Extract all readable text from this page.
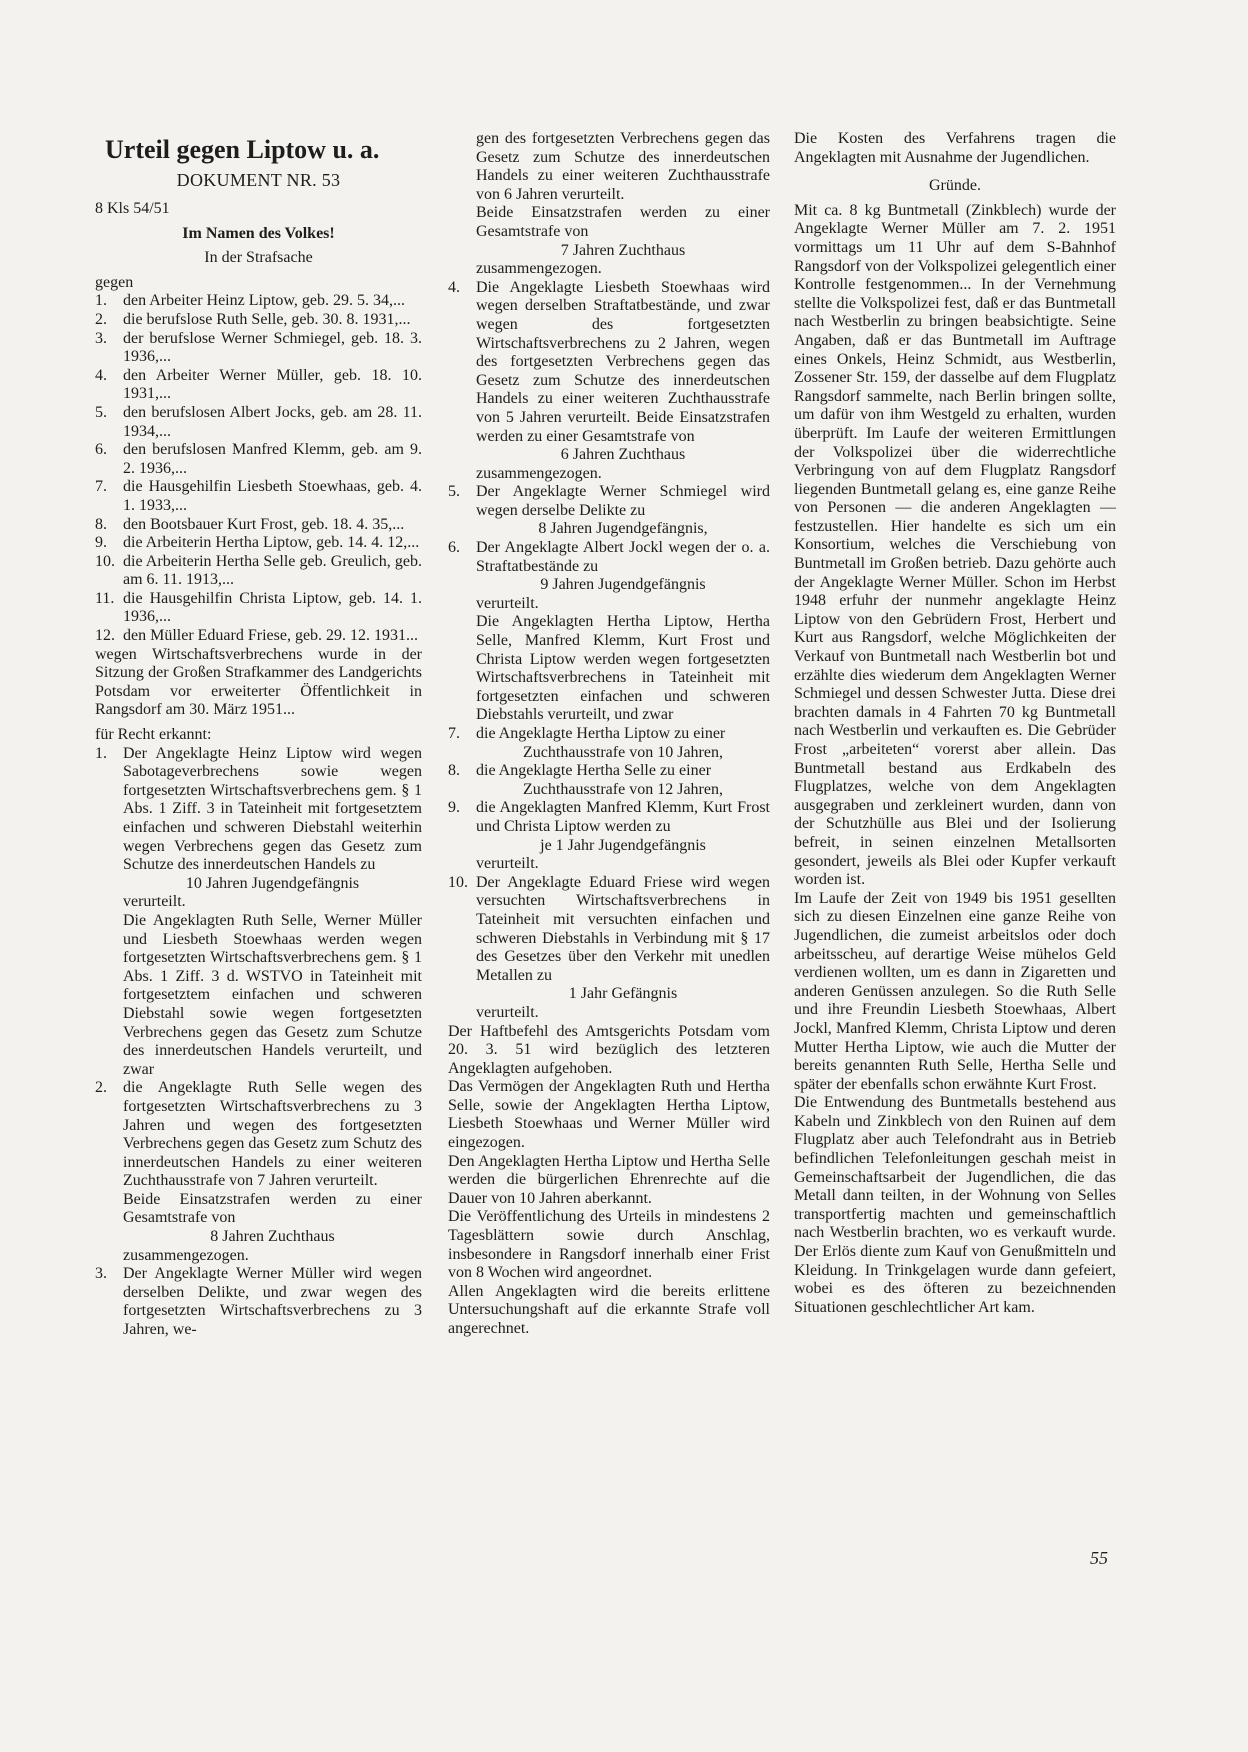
Urteil gegen Liptow u. a.
DOKUMENT NR. 53
8 Kls 54/51
Im Namen des Volkes!
In der Strafsache
gegen
1.	den Arbeiter Heinz Liptow, geb. 29. 5. 34,...
2.	die berufslose Ruth Selle, geb. 30. 8. 1931,...
3.	der berufslose Werner Schmiegel, geb. 18. 3. 1936,...
4.	den Arbeiter Werner Müller, geb. 18. 10. 1931,...
5.	den berufslosen Albert Jocks, geb. am 28. 11. 1934,...
6.	den berufslosen Manfred Klemm, geb. am 9. 2. 1936,...
7.	die Hausgehilfin Liesbeth Stoewhaas, geb. 4. 1. 1933,...
8.	den Bootsbauer Kurt Frost, geb. 18. 4. 35,...
9.	die Arbeiterin Hertha Liptow, geb. 14. 4. 12,...
10. die Arbeiterin Hertha Selle geb. Greulich, geb. am 6. 11. 1913,...
11. die Hausgehilfin Christa Liptow, geb. 14. 1. 1936,...
12. den Müller Eduard Friese, geb. 29. 12. 1931...

wegen Wirtschaftsverbrechens wurde in der Sitzung der Großen Strafkammer des Landgerichts Potsdam vor erweiterter Öffentlichkeit in Rangsdorf am 30. März 1951...

für Recht erkannt:
1.	Der Angeklagte Heinz Liptow wird wegen Sabotageverbrechens sowie wegen fortgesetzten Wirtschaftsverbrechens gem. § 1 Abs. 1 Ziff. 3 in Tateinheit mit fortgesetztem einfachen und schweren Diebstahl weiterhin wegen Verbrechens gegen das Gesetz zum Schutze des innerdeutschen Handels zu

10 Jahren Jugendgefängnis
verurteilt.

Die Angeklagten Ruth Selle, Werner Müller und Liesbeth Stoewhaas werden wegen fortgesetzten Wirtschaftsverbrechens gem. § 1 Abs. 1 Ziff. 3 d. WSTVO in Tateinheit mit fortgesetztem einfachen und schweren Diebstahl sowie wegen fortgesetzten Verbrechens gegen das Gesetz zum Schutze des innerdeutschen Handels verurteilt, und zwar

2.	die Angeklagte Ruth Selle wegen des fortgesetzten Wirtschaftsverbrechens zu 3 Jahren und wegen des fortgesetzten Verbrechens gegen das Gesetz zum Schutz des innerdeutschen Handels zu einer weiteren Zuchthausstrafe von 7 Jahren verurteilt.

Beide Einsatzstrafen werden zu einer Gesamtstrafe von

8 Jahren Zuchthaus
zusammengezogen.
3.	Der Angeklagte Werner Müller wird wegen derselben Delikte, und zwar wegen des fortgesetzten Wirtschaftsverbrechens zu 3 Jahren, we-

gen des fortgesetzten Verbrechens gegen das Gesetz zum Schutze des innerdeutschen Handels zu einer weiteren Zuchthausstrafe von 6 Jahren verurteilt.

Beide Einsatzstrafen werden zu einer Gesamtstrafe von

7 Jahren Zuchthaus
zusammengezogen.
4.	Die Angeklagte Liesbeth Stoewhaas wird wegen derselben Straftatbestände, und zwar wegen des fortgesetzten Wirtschaftsverbrechens zu 2 Jahren, wegen des fortgesetzten Verbrechens gegen das Gesetz zum Schutze des innerdeutschen Handels zu einer weiteren Zuchthausstrafe von 5 Jahren verurteilt. Beide Einsatzstrafen werden zu einer Gesamtstrafe von

6 Jahren Zuchthaus
zusammengezogen.
5.	Der Angeklagte Werner Schmiegel wird wegen derselbe Delikte zu

8 Jahren Jugendgefängnis,
6.	Der Angeklagte Albert Jockl wegen der o. a. Straftatbestände zu

9 Jahren Jugendgefängnis
verurteilt.

Die Angeklagten Hertha Liptow, Hertha Selle, Manfred Klemm, Kurt Frost und Christa Liptow werden wegen fortgesetzten Wirtschaftsverbrechens in Tateinheit mit fortgesetzten einfachen und schweren Diebstahls verurteilt, und zwar

7.	die Angeklagte Hertha Liptow zu einer

Zuchthausstrafe von 10 Jahren,
8.	die Angeklagte Hertha Selle zu einer

Zuchthausstrafe von 12 Jahren,
9.	die Angeklagten Manfred Klemm, Kurt Frost und Christa Liptow werden zu

je 1 Jahr Jugendgefängnis
verurteilt.
10. Der Angeklagte Eduard Friese wird wegen versuchten Wirtschaftsverbrechens in Tateinheit mit versuchten einfachen und schweren Diebstahls in Verbindung mit § 17 des Gesetzes über den Verkehr mit unedlen Metallen zu

1 Jahr Gefängnis
verurteilt.

Der Haftbefehl des Amtsgerichts Potsdam vom 20. 3. 51 wird bezüglich des letzteren Angeklagten aufgehoben.

Das Vermögen der Angeklagten Ruth und Hertha Selle, sowie der Angeklagten Hertha Liptow, Liesbeth Stoewhaas und Werner Müller wird eingezogen.

Den Angeklagten Hertha Liptow und Hertha Selle werden die bürgerlichen Ehrenrechte auf die Dauer von 10 Jahren aberkannt.

Die Veröffentlichung des Urteils in mindestens 2 Tagesblättern sowie durch Anschlag, insbesondere in Rangsdorf innerhalb einer Frist von 8 Wochen wird angeordnet.

Allen Angeklagten wird die bereits erlittene Untersuchungshaft auf die erkannte Strafe voll angerechnet.

Die Kosten des Verfahrens tragen die Angeklagten mit Ausnahme der Jugendlichen.

Gründe.

Mit ca. 8 kg Buntmetall (Zinkblech) wurde der Angeklagte Werner Müller am 7. 2. 1951 vormittags um 11 Uhr auf dem S-Bahnhof Rangsdorf von der Volkspolizei gelegentlich einer Kontrolle festgenommen... In der Vernehmung stellte die Volkspolizei fest, daß er das Buntmetall nach Westberlin zu bringen beabsichtigte. Seine Angaben, daß er das Buntmetall im Auftrage eines Onkels, Heinz Schmidt, aus Westberlin, Zossener Str. 159, der dasselbe auf dem Flugplatz Rangsdorf sammelte, nach Berlin bringen sollte, um dafür von ihm Westgeld zu erhalten, wurden überprüft. Im Laufe der weiteren Ermittlungen der Volkspolizei über die widerrechtliche Verbringung von auf dem Flugplatz Rangsdorf liegenden Buntmetall gelang es, eine ganze Reihe von Personen — die anderen Angeklagten — festzustellen. Hier handelte es sich um ein Konsortium, welches die Verschiebung von Buntmetall im Großen betrieb. Dazu gehörte auch der Angeklagte Werner Müller. Schon im Herbst 1948 erfuhr der nunmehr angeklagte Heinz Liptow von den Gebrüdern Frost, Herbert und Kurt aus Rangsdorf, welche Möglichkeiten der Verkauf von Buntmetall nach Westberlin bot und erzählte dies wiederum dem Angeklagten Werner Schmiegel und dessen Schwester Jutta. Diese drei brachten damals in 4 Fahrten 70 kg Buntmetall nach Westberlin und verkauften es. Die Gebrüder Frost „arbeiteten“ vorerst aber allein. Das Buntmetall bestand aus Erdkabeln des Flugplatzes, welche von dem Angeklagten ausgegraben und zerkleinert wurden, dann von der Schutzhülle aus Blei und der Isolierung befreit, in seinen einzelnen Metallsorten gesondert, jeweils als Blei oder Kupfer verkauft worden ist.

Im Laufe der Zeit von 1949 bis 1951 gesellten sich zu diesen Einzelnen eine ganze Reihe von Jugendlichen, die zumeist arbeitslos oder doch arbeitsscheu, auf derartige Weise mühelos Geld verdienen wollten, um es dann in Zigaretten und anderen Genüssen anzulegen. So die Ruth Selle und ihre Freundin Liesbeth Stoewhaas, Albert Jockl, Manfred Klemm, Christa Liptow und deren Mutter Hertha Liptow, wie auch die Mutter der bereits genannten Ruth Selle, Hertha Selle und später der ebenfalls schon erwähnte Kurt Frost.

Die Entwendung des Buntmetalls bestehend aus Kabeln und Zinkblech von den Ruinen auf dem Flugplatz aber auch Telefondraht aus in Betrieb befindlichen Telefonleitungen geschah meist in Gemeinschaftsarbeit der Jugendlichen, die das Metall dann teilten, in der Wohnung von Selles transportfertig machten und gemeinschaftlich nach Westberlin brachten, wo es verkauft wurde. Der Erlös diente zum Kauf von Genußmitteln und Kleidung. In Trinkgelagen wurde dann gefeiert, wobei es des öfteren zu bezeichnenden Situationen geschlechtlicher Art kam.

55
